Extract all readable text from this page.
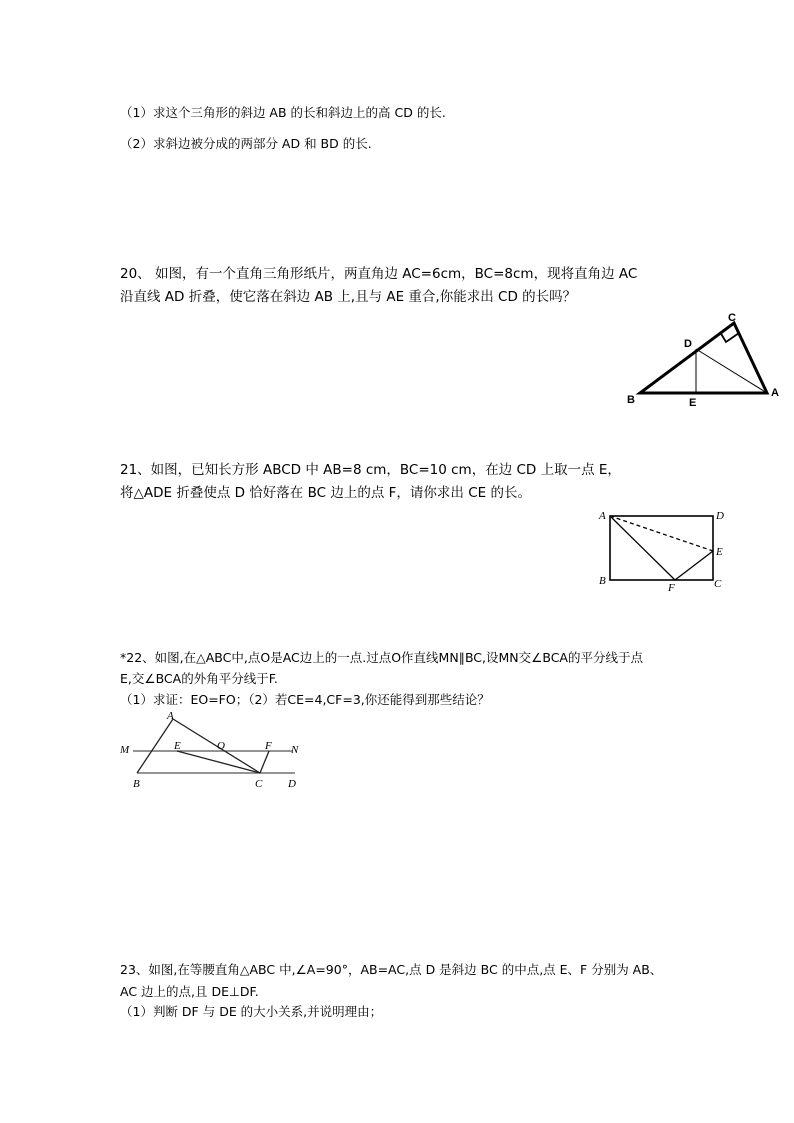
（1）求这个三角形的斜边 AB 的长和斜边上的高 CD 的长.
（2）求斜边被分成的两部分 AD 和 BD 的长.
20、 如图，有一个直角三角形纸片，两直角边 AC=6cm，BC=8cm，现将直角边 AC
沿直线 AD 折叠，使它落在斜边 AB 上,且与 AE 重合,你能求出 CD 的长吗？
C
D
B	E
A
21、如图，已知长方形 ABCD 中 AB=8 cm，BC=10 cm，在边 CD 上取一点 E，
将△ADE 折叠使点 D 恰好落在 BC 边上的点 F，请你求出 CE 的长。
A	D
E
B
F	C
*22、如图,在△ABC中,点O是AC边上的一点.过点O作直线MN∥BC,设MN交∠BCA的平分线于点
E,交∠BCA的外角平分线于F.
（1）求证：EO=FO；（2）若CE=4,CF=3,你还能得到那些结论？
A
M	E	O	F N
B	C D
23、如图,在等腰直角△ABC 中,∠A=90°，AB=AC,点 D 是斜边 BC 的中点,点 E、F 分别为 AB、
AC 边上的点,且 DE⊥DF.
（1）判断 DF 与 DE 的大小关系,并说明理由；
